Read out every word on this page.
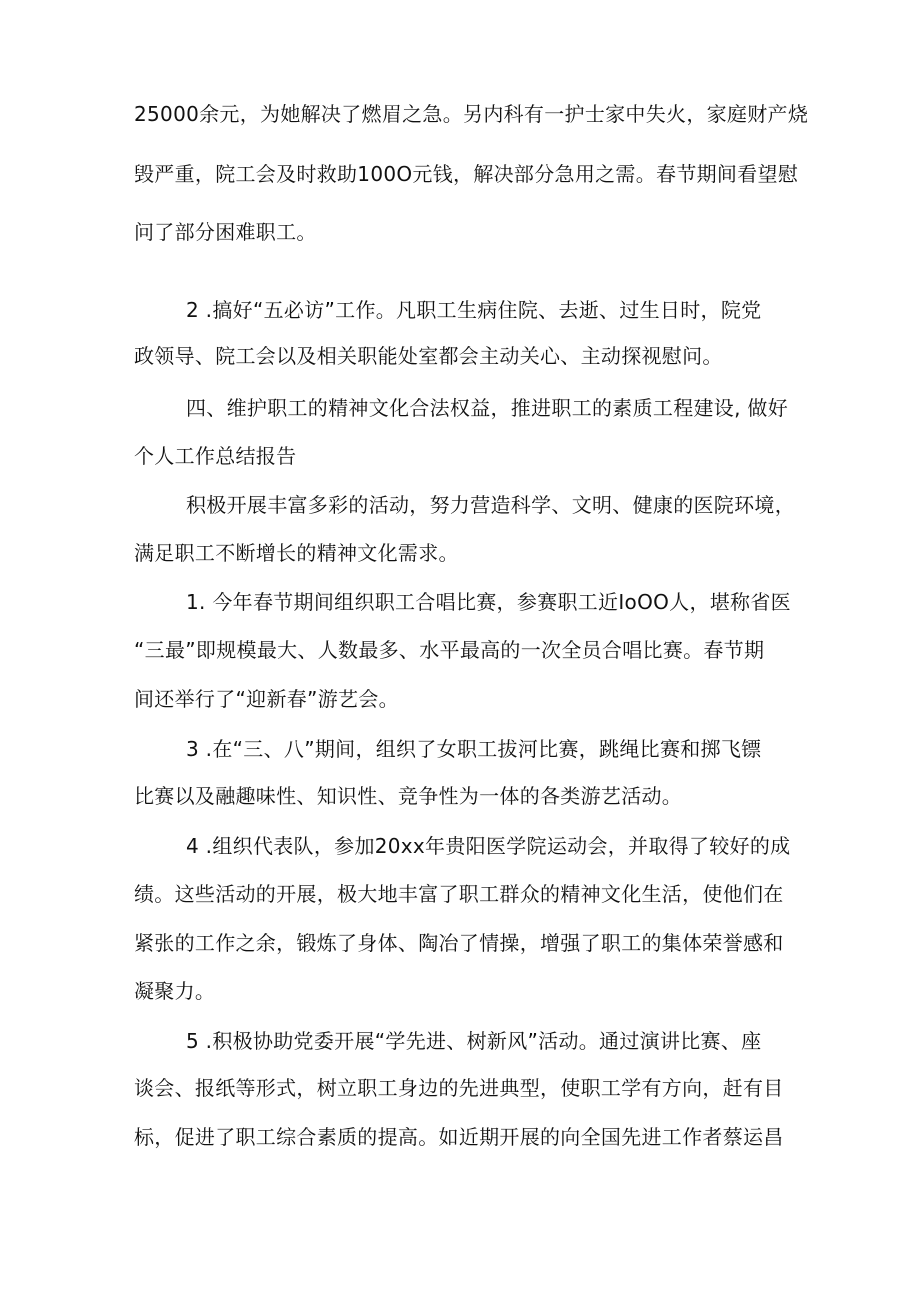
25000余元，为她解决了燃眉之急。另内科有一护士家中失火，家庭财产烧
毁严重，院工会及时救助100O元钱，解决部分急用之需。春节期间看望慰
问了部分困难职工。
2 .搞好“五必访”工作。凡职工生病住院、去逝、过生日时，院党
政领导、院工会以及相关职能处室都会主动关心、主动探视慰问。
四、维护职工的精神文化合法权益，推进职工的素质工程建设, 做好
个人工作总结报告
积极开展丰富多彩的活动，努力营造科学、文明、健康的医院环境，
满足职工不断增长的精神文化需求。
1. 今年春节期间组织职工合唱比赛，参赛职工近IoOO人，堪称省医
“三最”即规模最大、人数最多、水平最高的一次全员合唱比赛。春节期
间还举行了“迎新春”游艺会。
3 .在“三、八”期间，组织了女职工拔河比赛，跳绳比赛和掷飞镖
比赛以及融趣味性、知识性、竞争性为一体的各类游艺活动。
4 .组织代表队，参加20xx年贵阳医学院运动会，并取得了较好的成
绩。这些活动的开展，极大地丰富了职工群众的精神文化生活，使他们在
紧张的工作之余，锻炼了身体、陶冶了情操，增强了职工的集体荣誉感和
凝聚力。
5 .积极协助党委开展“学先进、树新风”活动。通过演讲比赛、座
谈会、报纸等形式，树立职工身边的先进典型，使职工学有方向，赶有目
标，促进了职工综合素质的提高。如近期开展的向全国先进工作者蔡运昌
